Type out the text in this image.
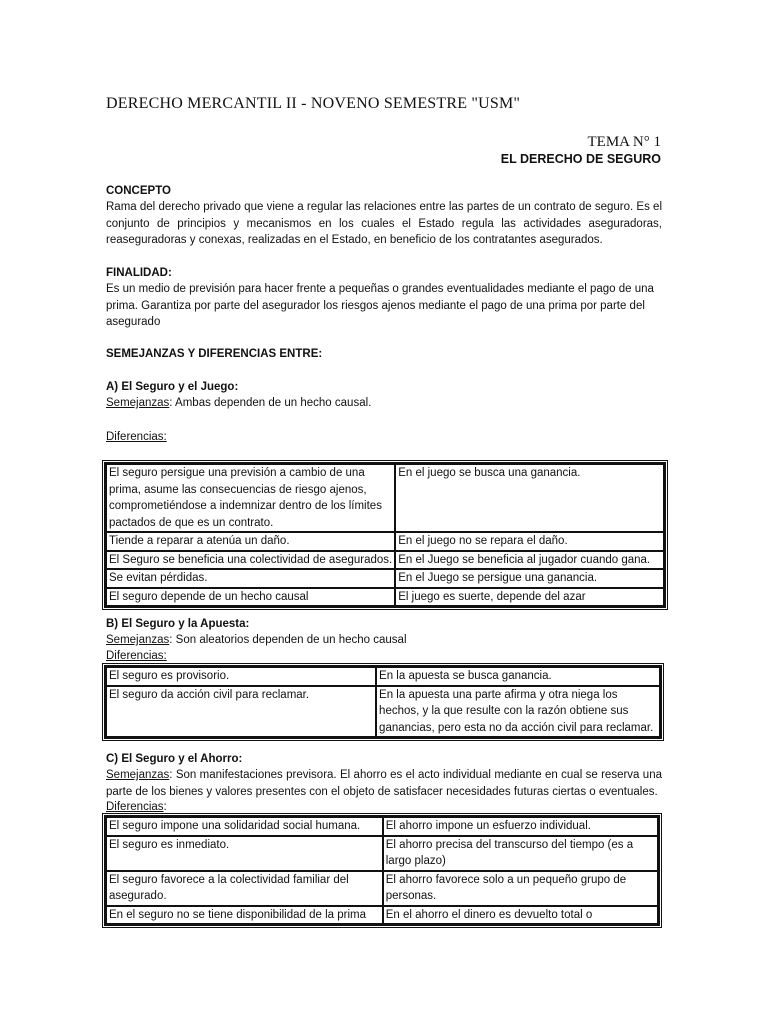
DERECHO MERCANTIL II - NOVENO SEMESTRE "USM"
TEMA N° 1
EL DERECHO DE SEGURO
CONCEPTO
Rama del derecho privado que viene a regular las relaciones entre las partes de un contrato de seguro. Es el conjunto de principios y mecanismos en los cuales el Estado regula las actividades aseguradoras, reaseguradoras y conexas, realizadas en el Estado, en beneficio de los contratantes asegurados.
FINALIDAD:
Es un medio de previsión para hacer frente a pequeñas o grandes eventualidades mediante el pago de una prima. Garantiza por parte del asegurador los riesgos ajenos mediante el pago de una prima por parte del asegurado
SEMEJANZAS Y DIFERENCIAS ENTRE:
A) El Seguro y el Juego:
Semejanzas: Ambas dependen de un hecho causal.
Diferencias:
El seguro persigue una previsión a cambio de una prima, asume las consecuencias de riesgo ajenos, comprometiéndose a indemnizar dentro de los límites pactados de que es un contrato.	En el juego se busca una ganancia.
Tiende a reparar a atenúa un daño.	En el juego no se repara el daño.
El Seguro se beneficia una colectividad de asegurados.	En el Juego se beneficia al jugador cuando gana.
Se evitan pérdidas.	En el Juego se persigue una ganancia.
El seguro depende de un hecho causal	El juego es suerte, depende del azar
B) El Seguro y la Apuesta:
Semejanzas: Son aleatorios dependen de un hecho causal
Diferencias:
El seguro es provisorio.	En la apuesta se busca ganancia.
El seguro da acción civil para reclamar.	En la apuesta una parte afirma y otra niega los hechos, y la que resulte con la razón obtiene sus ganancias, pero esta no da acción civil para reclamar.
C) El Seguro y el Ahorro:
Semejanzas: Son manifestaciones previsora. El ahorro es el acto individual mediante en cual se reserva una parte de los bienes y valores presentes con el objeto de satisfacer necesidades futuras ciertas o eventuales.
Diferencias:
El seguro impone una solidaridad social humana.	El ahorro impone un esfuerzo individual.
El seguro es inmediato.	El ahorro precisa del transcurso del tiempo (es a largo plazo)
El seguro favorece a la colectividad familiar del asegurado.	El ahorro favorece solo a un pequeño grupo de personas.
En el seguro no se tiene disponibilidad de la prima	En el ahorro el dinero es devuelto total o
